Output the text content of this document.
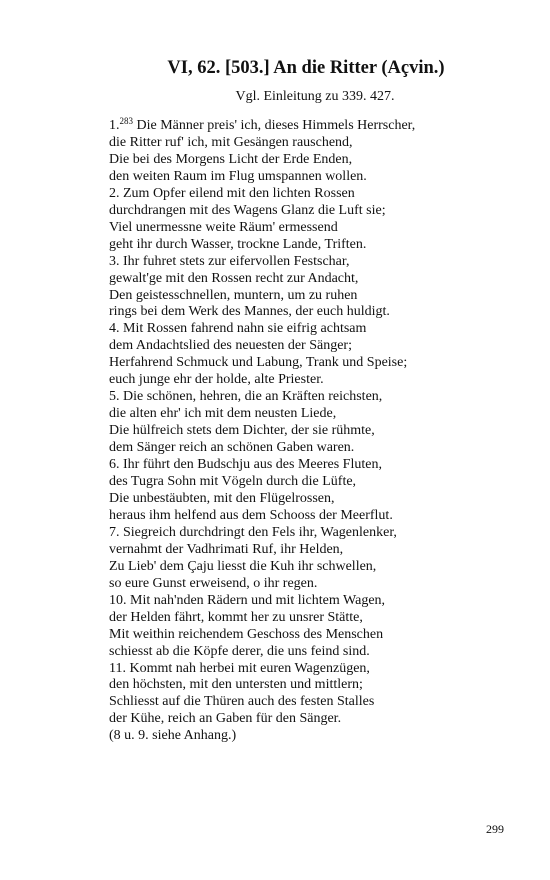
VI, 62. [503.] An die Ritter (Açvin.)
Vgl. Einleitung zu 339. 427.
1.$^{283}$ Die Männer preis' ich, dieses Himmels Herrscher,
die Ritter ruf' ich, mit Gesängen rauschend,
Die bei des Morgens Licht der Erde Enden,
den weiten Raum im Flug umspannen wollen.
2. Zum Opfer eilend mit den lichten Rossen
durchdrangen mit des Wagens Glanz die Luft sie;
Viel unermessne weite Räum' ermessend
geht ihr durch Wasser, trockne Lande, Triften.
3. Ihr fuhret stets zur eifervollen Festschar,
gewalt'ge mit den Rossen recht zur Andacht,
Den geistesschnellen, muntern, um zu ruhen
rings bei dem Werk des Mannes, der euch huldigt.
4. Mit Rossen fahrend nahn sie eifrig achtsam
dem Andachtslied des neuesten der Sänger;
Herfahrend Schmuck und Labung, Trank und Speise;
euch junge ehr der holde, alte Priester.
5. Die schönen, hehren, die an Kräften reichsten,
die alten ehr' ich mit dem neusten Liede,
Die hülfreich stets dem Dichter, der sie rühmte,
dem Sänger reich an schönen Gaben waren.
6. Ihr führt den Budschju aus des Meeres Fluten,
des Tugra Sohn mit Vögeln durch die Lüfte,
Die unbestäubten, mit den Flügelrossen,
heraus ihm helfend aus dem Schooss der Meerflut.
7. Siegreich durchdringt den Fels ihr, Wagenlenker,
vernahmt der Vadhrimati Ruf, ihr Helden,
Zu Lieb' dem Çaju liesst die Kuh ihr schwellen,
so eure Gunst erweisend, o ihr regen.
10. Mit nah'nden Rädern und mit lichtem Wagen,
der Helden fährt, kommt her zu unsrer Stätte,
Mit weithin reichendem Geschoss des Menschen
schiesst ab die Köpfe derer, die uns feind sind.
11. Kommt nah herbei mit euren Wagenzügen,
den höchsten, mit den untersten und mittlern;
Schliesst auf die Thüren auch des festen Stalles
der Kühe, reich an Gaben für den Sänger.
(8 u. 9. siehe Anhang.)
299
